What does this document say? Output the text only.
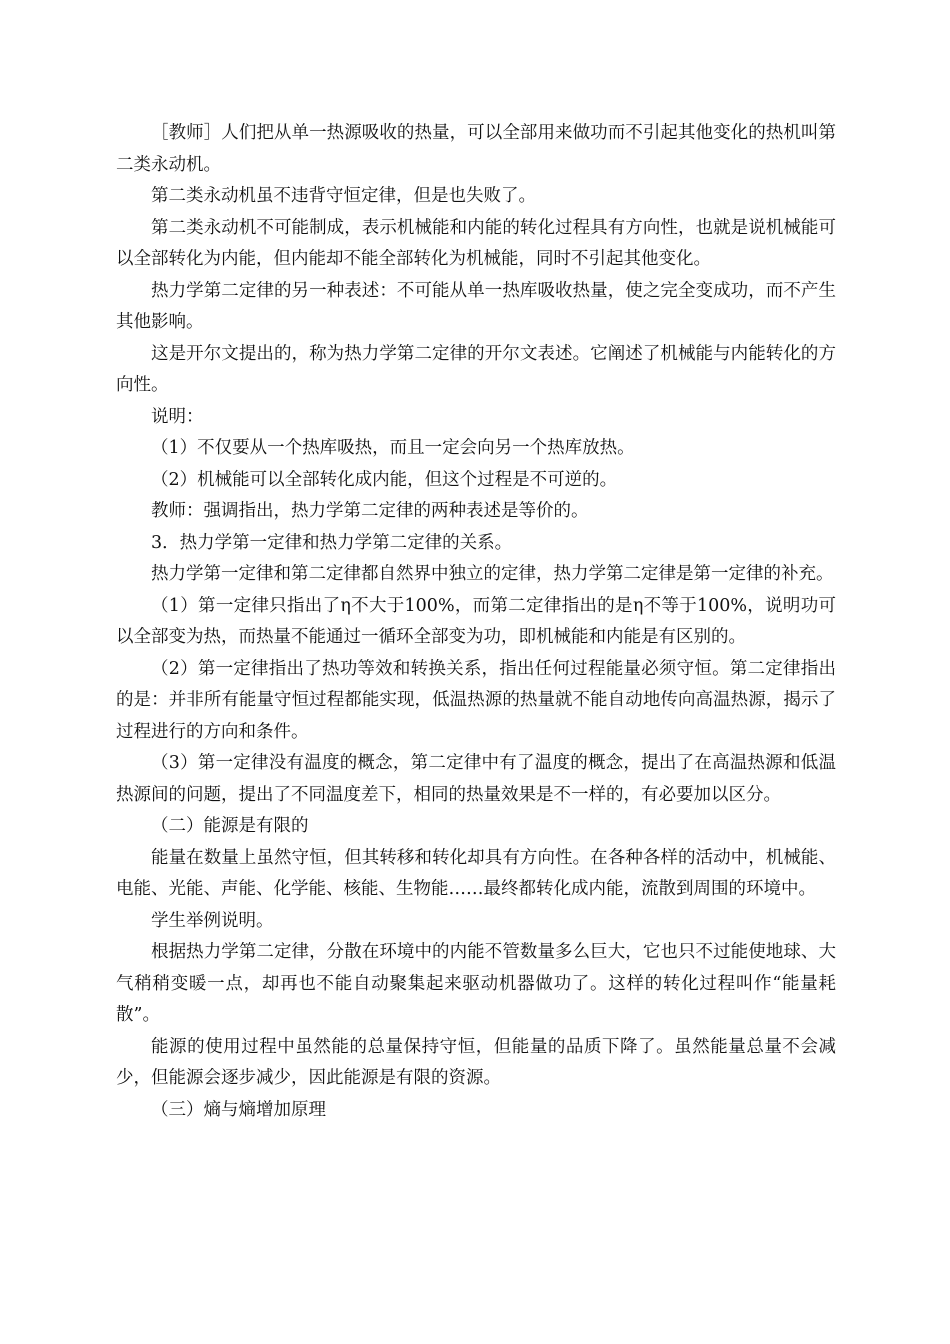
［教师］人们把从单一热源吸收的热量，可以全部用来做功而不引起其他变化的热机叫第二类永动机。

第二类永动机虽不违背守恒定律，但是也失败了。

第二类永动机不可能制成，表示机械能和内能的转化过程具有方向性，也就是说机械能可以全部转化为内能，但内能却不能全部转化为机械能，同时不引起其他变化。

热力学第二定律的另一种表述：不可能从单一热库吸收热量，使之完全变成功，而不产生其他影响。

这是开尔文提出的，称为热力学第二定律的开尔文表述。它阐述了机械能与内能转化的方向性。

说明：

（1）不仅要从一个热库吸热，而且一定会向另一个热库放热。

（2）机械能可以全部转化成内能，但这个过程是不可逆的。

教师：强调指出，热力学第二定律的两种表述是等价的。

3．热力学第一定律和热力学第二定律的关系。

热力学第一定律和第二定律都自然界中独立的定律，热力学第二定律是第一定律的补充。

（1）第一定律只指出了η不大于100%，而第二定律指出的是η不等于100%，说明功可以全部变为热，而热量不能通过一循环全部变为功，即机械能和内能是有区别的。

（2）第一定律指出了热功等效和转换关系，指出任何过程能量必须守恒。第二定律指出的是：并非所有能量守恒过程都能实现，低温热源的热量就不能自动地传向高温热源，揭示了过程进行的方向和条件。

（3）第一定律没有温度的概念，第二定律中有了温度的概念，提出了在高温热源和低温热源间的问题，提出了不同温度差下，相同的热量效果是不一样的，有必要加以区分。

（二）能源是有限的

能量在数量上虽然守恒，但其转移和转化却具有方向性。在各种各样的活动中，机械能、电能、光能、声能、化学能、核能、生物能……最终都转化成内能，流散到周围的环境中。

学生举例说明。

根据热力学第二定律，分散在环境中的内能不管数量多么巨大，它也只不过能使地球、大气稍稍变暖一点，却再也不能自动聚集起来驱动机器做功了。这样的转化过程叫作“能量耗散”。

能源的使用过程中虽然能的总量保持守恒，但能量的品质下降了。虽然能量总量不会减少，但能源会逐步减少，因此能源是有限的资源。

（三）熵与熵增加原理
